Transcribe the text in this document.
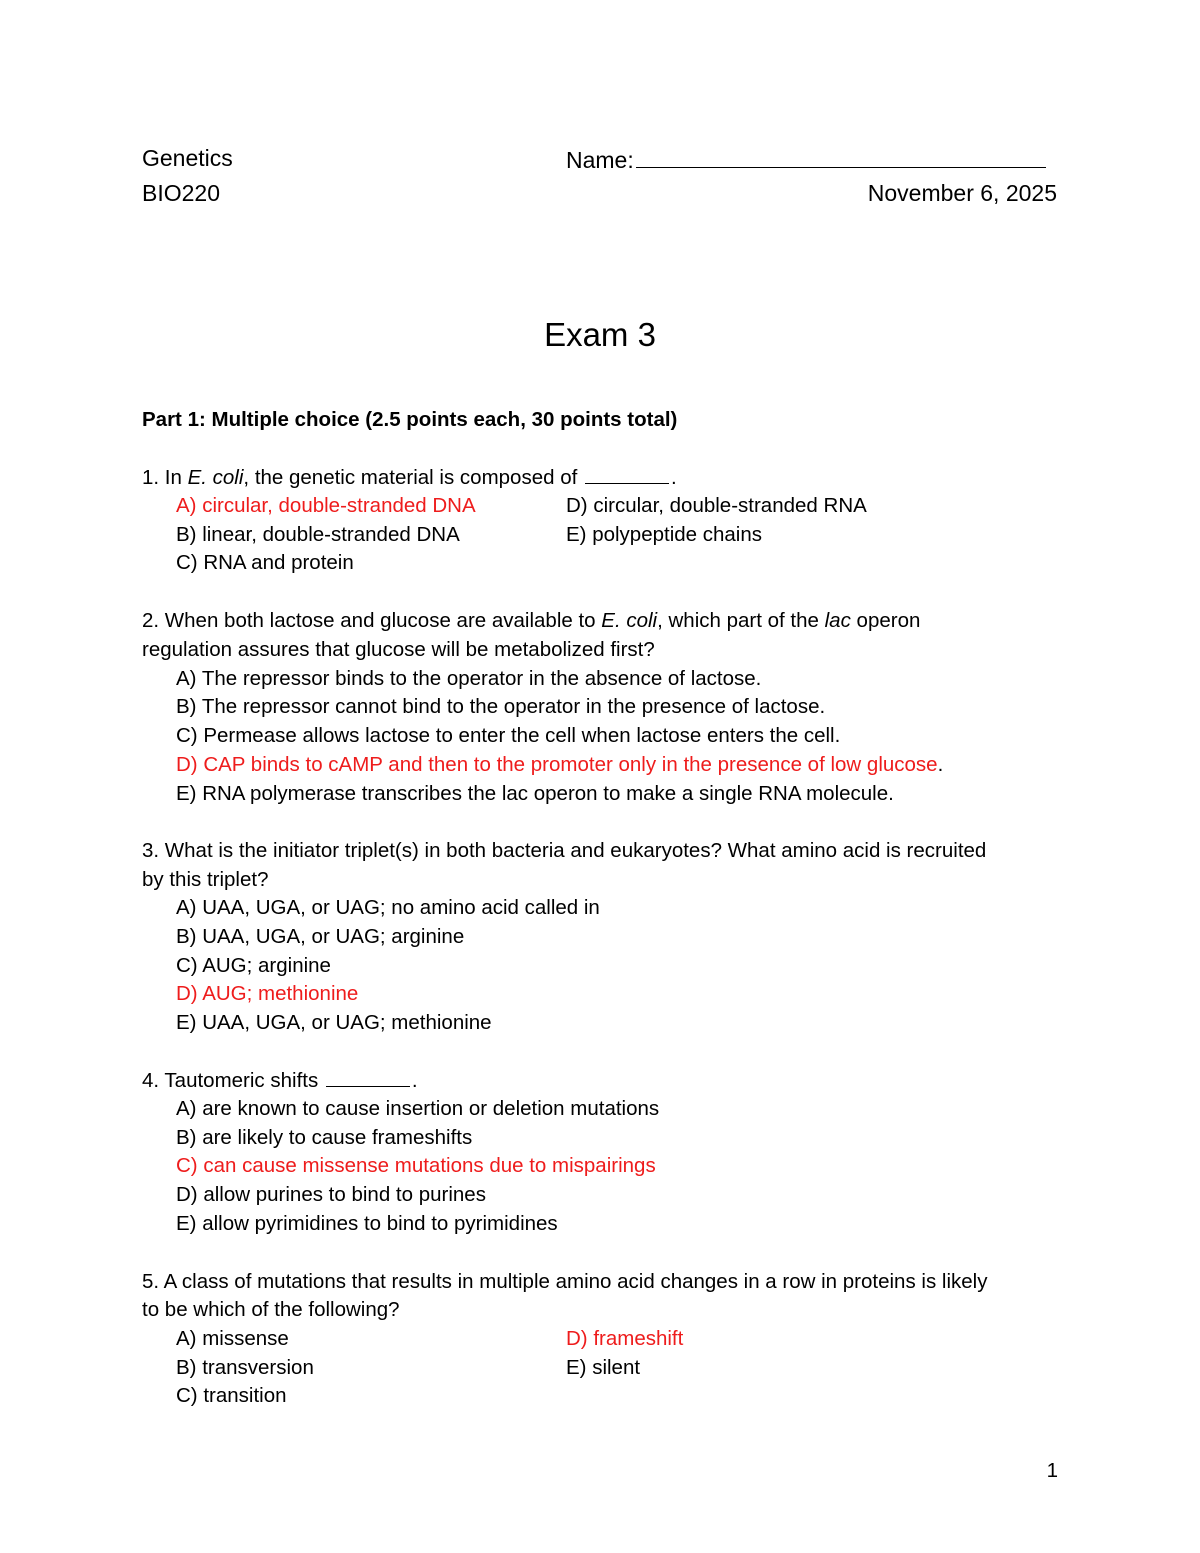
Genetics
BIO220
Name:
November 6, 2025
Exam 3
Part 1: Multiple choice (2.5 points each, 30 points total)
1. In E. coli, the genetic material is composed of	.
A) circular, double-stranded DNA
B) linear, double-stranded DNA
C) RNA and protein
D) circular, double-stranded RNA
E) polypeptide chains
2. When both lactose and glucose are available to E. coli, which part of the lac operon
regulation assures that glucose will be metabolized first?
A) The repressor binds to the operator in the absence of lactose.
B) The repressor cannot bind to the operator in the presence of lactose.
C) Permease allows lactose to enter the cell when lactose enters the cell.
D) CAP binds to cAMP and then to the promoter only in the presence of low glucose.
E) RNA polymerase transcribes the lac operon to make a single RNA molecule.
3. What is the initiator triplet(s) in both bacteria and eukaryotes? What amino acid is recruited
by this triplet?
A) UAA, UGA, or UAG; no amino acid called in
B) UAA, UGA, or UAG; arginine
C) AUG; arginine
D) AUG; methionine
E) UAA, UGA, or UAG; methionine
4. Tautomeric shifts	.
A) are known to cause insertion or deletion mutations
B) are likely to cause frameshifts
C) can cause missense mutations due to mispairings
D) allow purines to bind to purines
E) allow pyrimidines to bind to pyrimidines
5. A class of mutations that results in multiple amino acid changes in a row in proteins is likely
to be which of the following?
A) missense
B) transversion
C) transition
D) frameshift
E) silent
1
